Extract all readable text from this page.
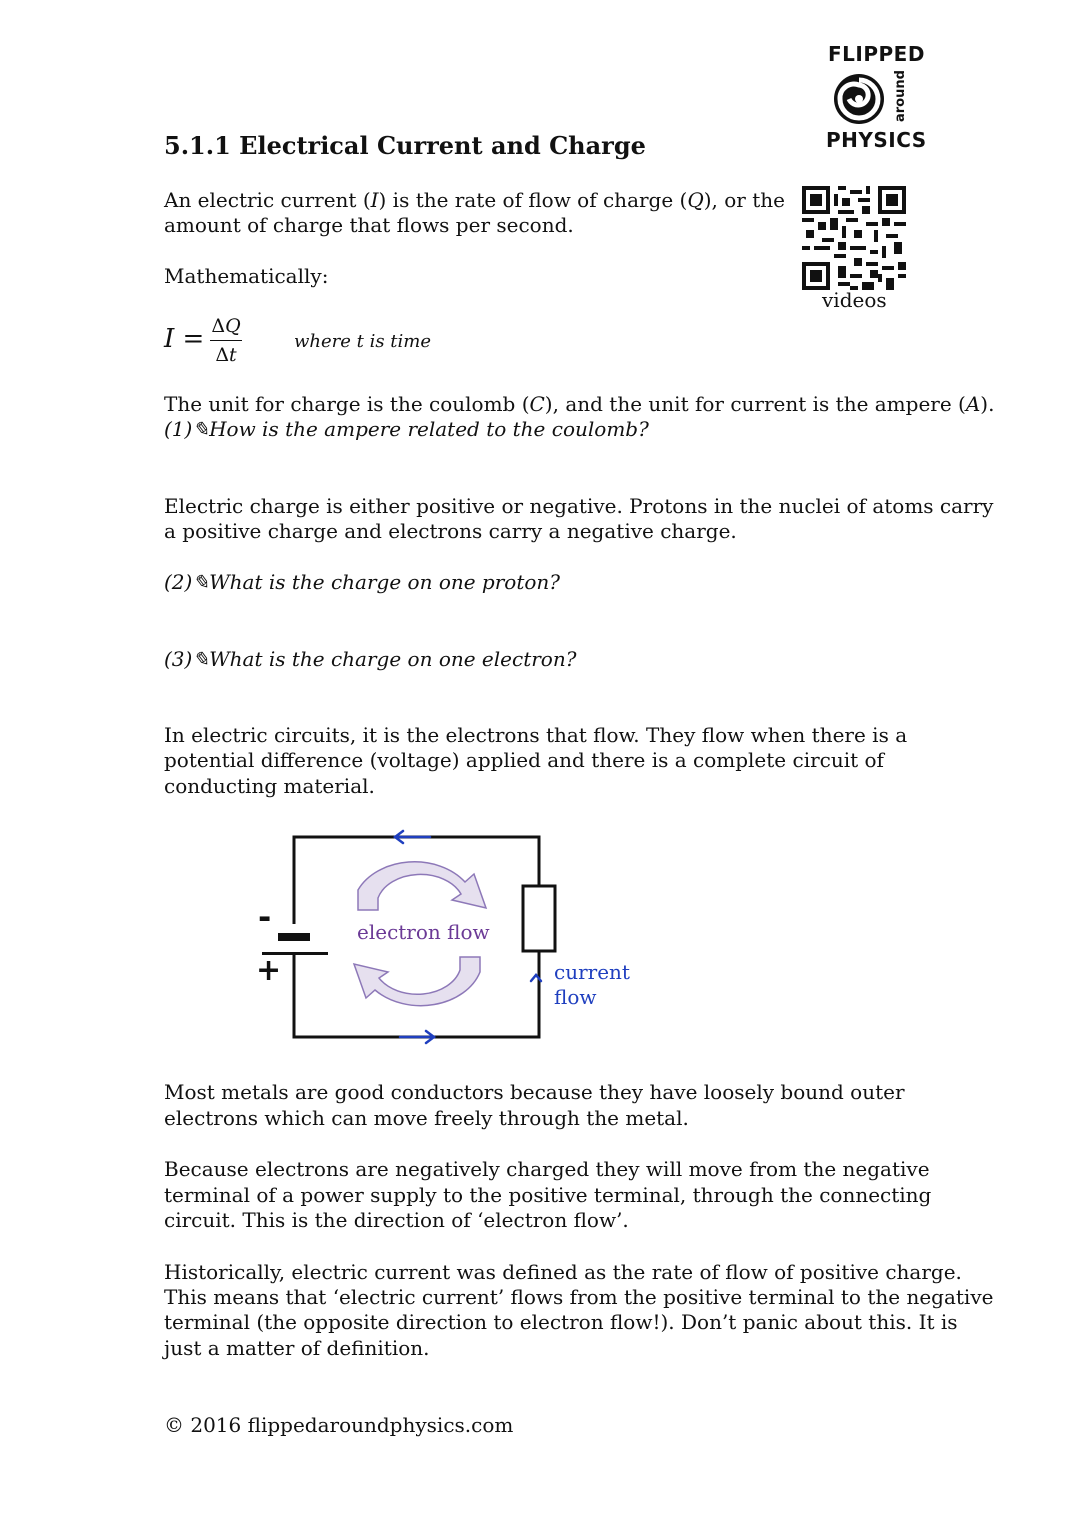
FLIPPED
around
PHYSICS
videos
5.1.1 Electrical Current and Charge

An electric current (𝐼) is the rate of flow of charge (𝑄), or the

amount of charge that flows per second.

Mathematically:

𝐼 = Δ𝑄
Δ𝑡
where 𝑡 is time

The unit for charge is the coulomb (𝐶), and the unit for current is the ampere (𝐴).

(1)✎How is the ampere related to the coulomb?

Electric charge is either positive or negative. Protons in the nuclei of atoms carry

a positive charge and electrons carry a negative charge.

(2)✎What is the charge on one proton?

(3)✎What is the charge on one electron?

In electric circuits, it is the electrons that flow. They flow when there is a

potential difference (voltage) applied and there is a complete circuit of

conducting material.

-
+
electron flow
current
flow

Most metals are good conductors because they have loosely bound outer

electrons which can move freely through the metal.

Because electrons are negatively charged they will move from the negative

terminal of a power supply to the positive terminal, through the connecting

circuit. This is the direction of ‘electron flow’.

Historically, electric current was defined as the rate of flow of positive charge.

This means that ‘electric current’ flows from the positive terminal to the negative

terminal (the opposite direction to electron flow!). Don’t panic about this. It is

just a matter of definition.

© 2016 flippedaroundphysics.com
